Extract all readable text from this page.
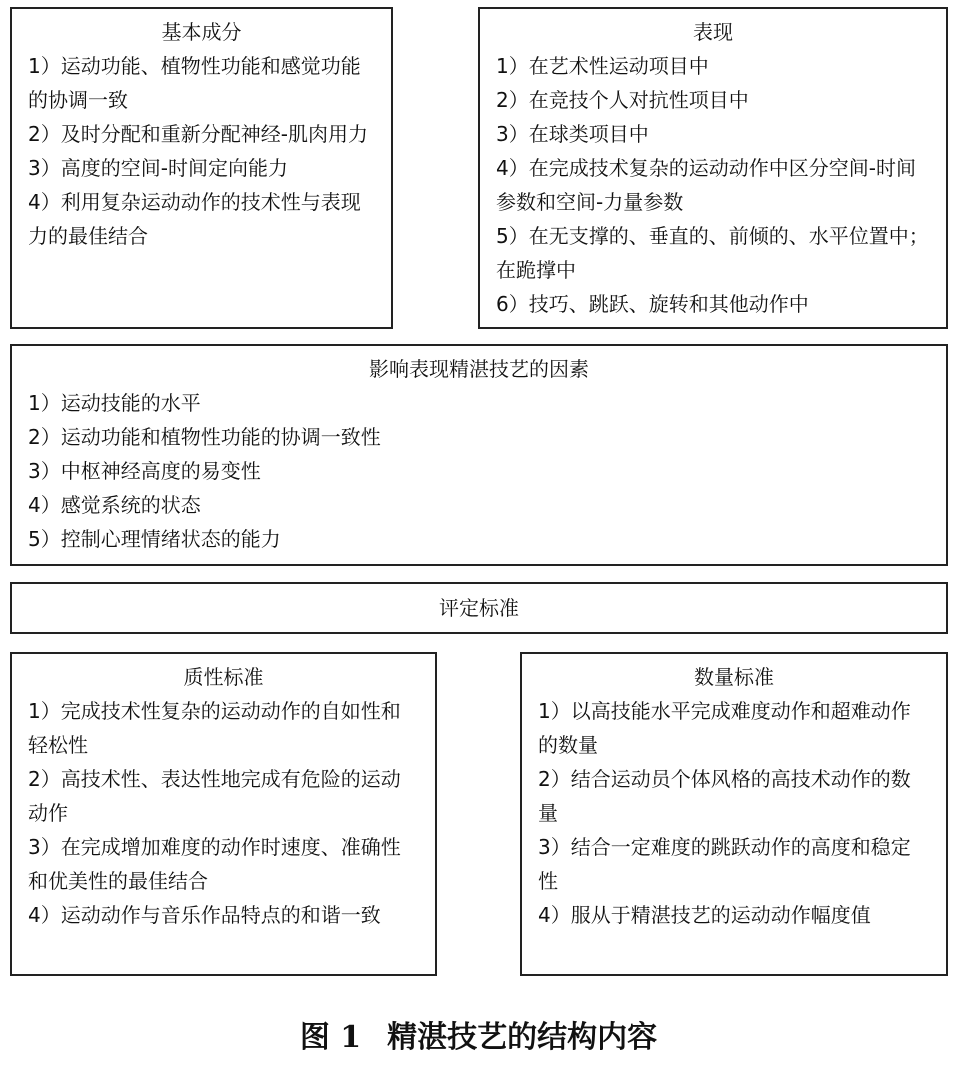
基本成分
1）运动功能、植物性功能和感觉功能的协调一致
2）及时分配和重新分配神经-肌肉用力
3）高度的空间-时间定向能力
4）利用复杂运动动作的技术性与表现力的最佳结合
表现
1）在艺术性运动项目中
2）在竞技个人对抗性项目中
3）在球类项目中
4）在完成技术复杂的运动动作中区分空间-时间参数和空间-力量参数
5）在无支撑的、垂直的、前倾的、水平位置中；在跪撑中
6）技巧、跳跃、旋转和其他动作中
影响表现精湛技艺的因素
1）运动技能的水平
2）运动功能和植物性功能的协调一致性
3）中枢神经高度的易变性
4）感觉系统的状态
5）控制心理情绪状态的能力
评定标准
质性标准
1）完成技术性复杂的运动动作的自如性和轻松性
2）高技术性、表达性地完成有危险的运动动作
3）在完成增加难度的动作时速度、准确性和优美性的最佳结合
4）运动动作与音乐作品特点的和谐一致
数量标准
1）以高技能水平完成难度动作和超难动作的数量
2）结合运动员个体风格的高技术动作的数量
3）结合一定难度的跳跃动作的高度和稳定性
4）服从于精湛技艺的运动动作幅度值
图 1 精湛技艺的结构内容
